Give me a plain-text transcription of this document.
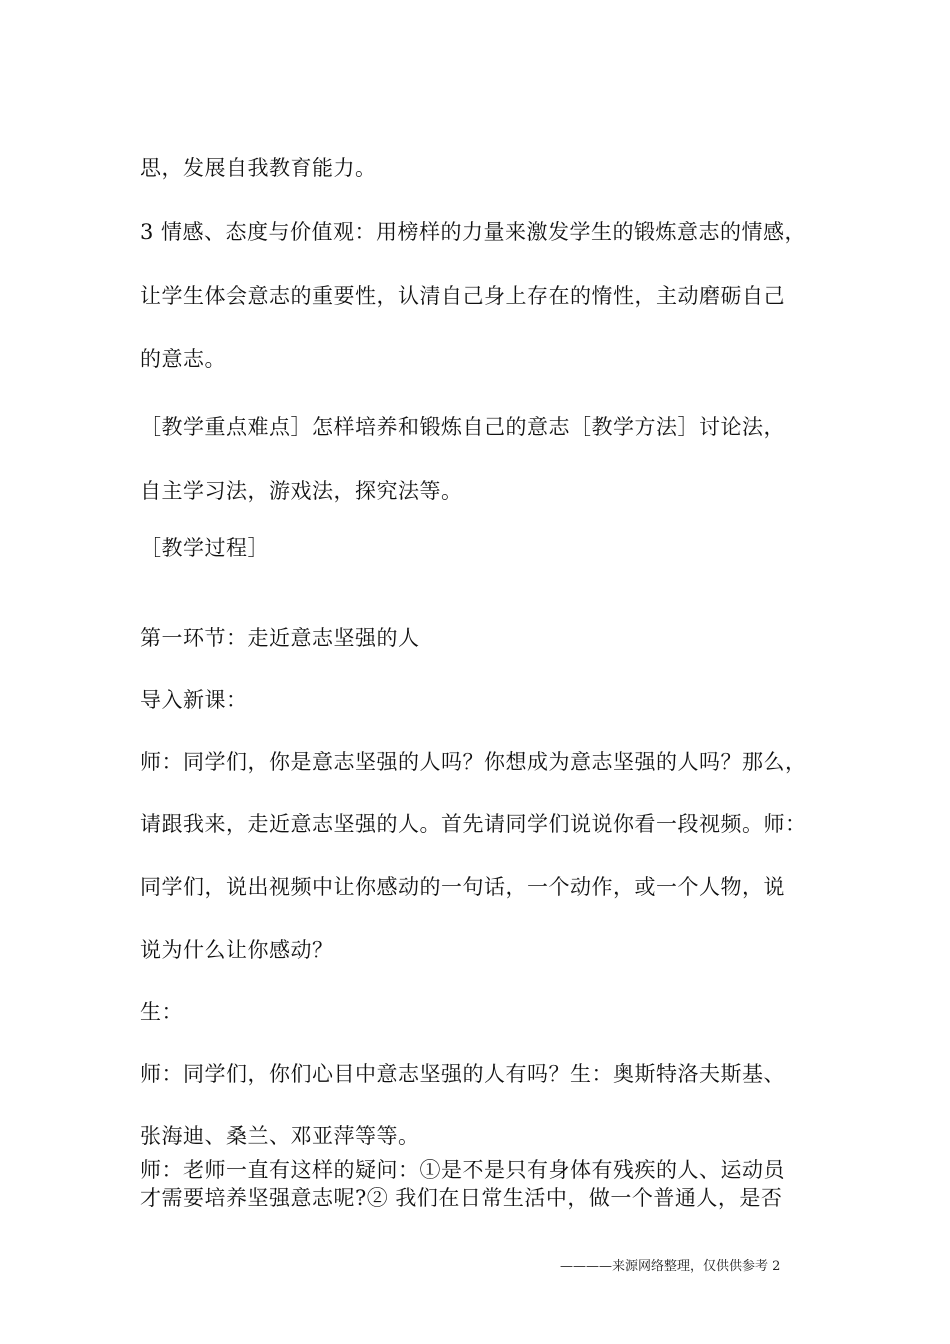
思，发展自我教育能力。
3 情感、态度与价值观：用榜样的力量来激发学生的锻炼意志的情感，
让学生体会意志的重要性，认清自己身上存在的惰性，主动磨砺自己
的意志。
［教学重点难点］怎样培养和锻炼自己的意志［教学方法］讨论法，
自主学习法，游戏法，探究法等。
［教学过程］
第一环节：走近意志坚强的人
导入新课：
师：同学们，你是意志坚强的人吗？你想成为意志坚强的人吗？那么，
请跟我来，走近意志坚强的人。首先请同学们说说你看一段视频。师：
同学们，说出视频中让你感动的一句话，一个动作，或一个人物，说
说为什么让你感动？
生：
师：同学们，你们心目中意志坚强的人有吗？生：奥斯特洛夫斯基、
张海迪、桑兰、邓亚萍等等。
师：老师一直有这样的疑问：①是不是只有身体有残疾的人、运动员
才需要培养坚强意志呢?② 我们在日常生活中，做一个普通人，是否
————来源网络整理，仅供供参考 2
